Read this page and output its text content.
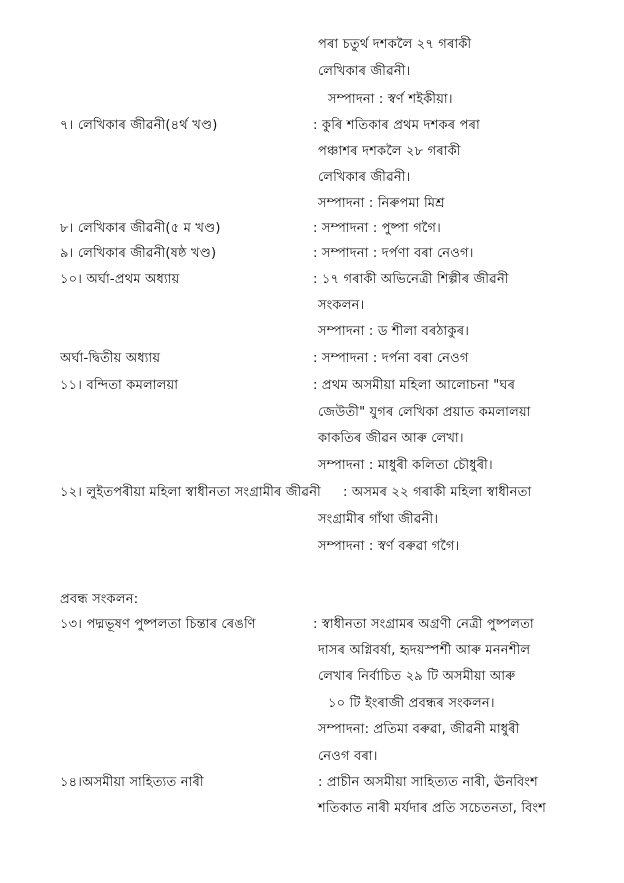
পৰা চতুৰ্থ দশকলৈ ২৭ গৰাকী
লেখিকাৰ জীৱনী।
সম্পাদনা : স্বৰ্ণ শইকীয়া।
৭। লেখিকাৰ জীৱনী(৪ৰ্থ খণ্ড)	: কুৰি শতিকাৰ প্ৰথম দশকৰ পৰা
পঞ্চাশৰ দশকলৈ ২৮ গৰাকী
লেখিকাৰ জীৱনী।
সম্পাদনা : নিৰুপমা মিশ্ৰ
৮। লেখিকাৰ জীৱনী(৫ ম খণ্ড)	: সম্পাদনা : পুষ্পা গগৈ।
৯। লেখিকাৰ জীৱনী(ষষ্ঠ খণ্ড)	: সম্পাদনা : দৰ্পণা বৰা নেওগ।
১০। অৰ্ঘা-প্ৰথম অধ্যায়	: ১৭ গৰাকী অভিনেত্ৰী শিল্পীৰ জীৱনী
সংকলন।
সম্পাদনা : ড শীলা বৰঠাকুৰ।
অৰ্ঘা-দ্বিতীয় অধ্যায়	: সম্পাদনা : দৰ্পনা বৰা নেওগ
১১। বন্দিতা কমলালয়া	: প্ৰথম অসমীয়া মহিলা আলোচনা "ঘৰ
জেউতী" যুগৰ লেখিকা প্ৰয়াত কমলালয়া
কাকতিৰ জীৱন আৰু লেখা।
সম্পাদনা : মাধুৰী কলিতা চৌধুৰী।
১২। লুইতপৰীয়া মহিলা স্বাধীনতা সংগ্ৰামীৰ জীৱনী : অসমৰ ২২ গৰাকী মহিলা স্বাধীনতা
সংগ্ৰামীৰ গাঁথা জীৱনী।
সম্পাদনা : স্বৰ্ণ বৰুৱা গগৈ।
প্ৰবন্ধ সংকলন:
১৩। পদ্মভূষণ পুষ্পলতা চিন্তাৰ ৰেঙণি	: স্বাধীনতা সংগ্ৰামৰ অগ্ৰণী নেত্ৰী পুষ্পলতা
দাসৰ অগ্নিবৰ্ষা, হৃদয়স্পৰ্শী আৰু মননশীল
লেখাৰ নিৰ্বাচিত ২৯ টি অসমীয়া আৰু
১০ টি ইংৰাজী প্ৰবন্ধৰ সংকলন।
সম্পাদনা: প্ৰতিমা বৰুৱা, জীৱনী মাধুৰী
নেওগ বৰা।
১৪।অসমীয়া সাহিত্যত নাৰী	: প্ৰাচীন অসমীয়া সাহিত্যত নাৰী, ঊনবিংশ
শতিকাত নাৰী মৰ্যদাৰ প্ৰতি সচেতনতা, বিংশ
